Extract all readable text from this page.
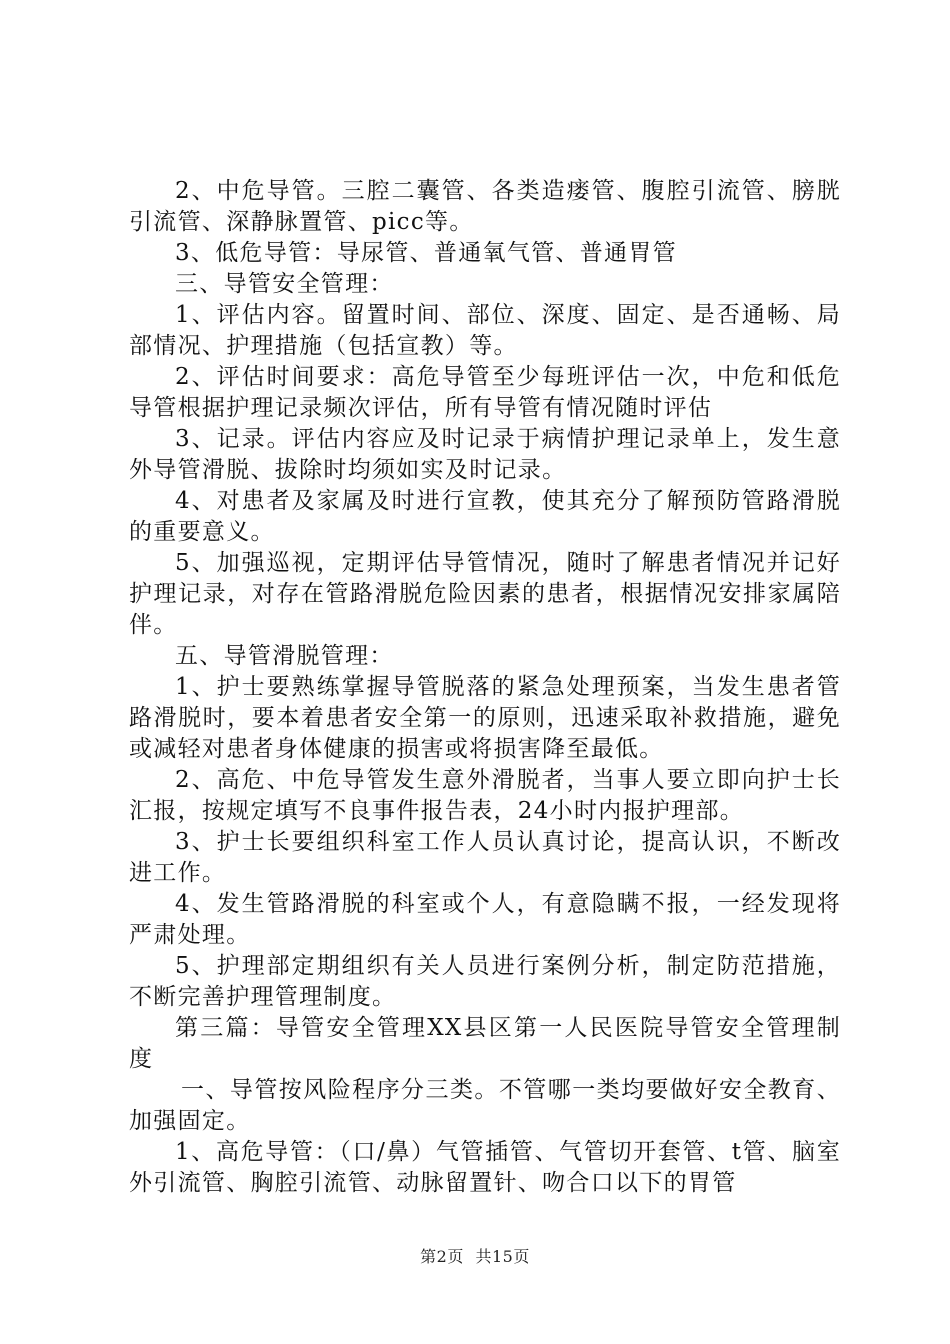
2、中危导管。三腔二囊管、各类造瘘管、腹腔引流管、膀胱引流管、深静脉置管、picc等。

3、低危导管：导尿管、普通氧气管、普通胃管

三、导管安全管理：

1、评估内容。留置时间、部位、深度、固定、是否通畅、局部情况、护理措施（包括宣教）等。

2、评估时间要求：高危导管至少每班评估一次，中危和低危导管根据护理记录频次评估，所有导管有情况随时评估

3、记录。评估内容应及时记录于病情护理记录单上，发生意外导管滑脱、拔除时均须如实及时记录。

4、对患者及家属及时进行宣教，使其充分了解预防管路滑脱的重要意义。

5、加强巡视，定期评估导管情况，随时了解患者情况并记好护理记录，对存在管路滑脱危险因素的患者，根据情况安排家属陪伴。

五、导管滑脱管理：

1、护士要熟练掌握导管脱落的紧急处理预案，当发生患者管路滑脱时，要本着患者安全第一的原则，迅速采取补救措施，避免或减轻对患者身体健康的损害或将损害降至最低。

2、高危、中危导管发生意外滑脱者，当事人要立即向护士长汇报，按规定填写不良事件报告表，24小时内报护理部。

3、护士长要组织科室工作人员认真讨论，提高认识，不断改进工作。

4、发生管路滑脱的科室或个人，有意隐瞒不报，一经发现将严肃处理。

5、护理部定期组织有关人员进行案例分析，制定防范措施，不断完善护理管理制度。

第三篇：导管安全管理XX县区第一人民医院导管安全管理制度

一、导管按风险程序分三类。不管哪一类均要做好安全教育、加强固定。

1、高危导管：（口/鼻）气管插管、气管切开套管、t管、脑室外引流管、胸腔引流管、动脉留置针、吻合口以下的胃管

第2页 共15页
